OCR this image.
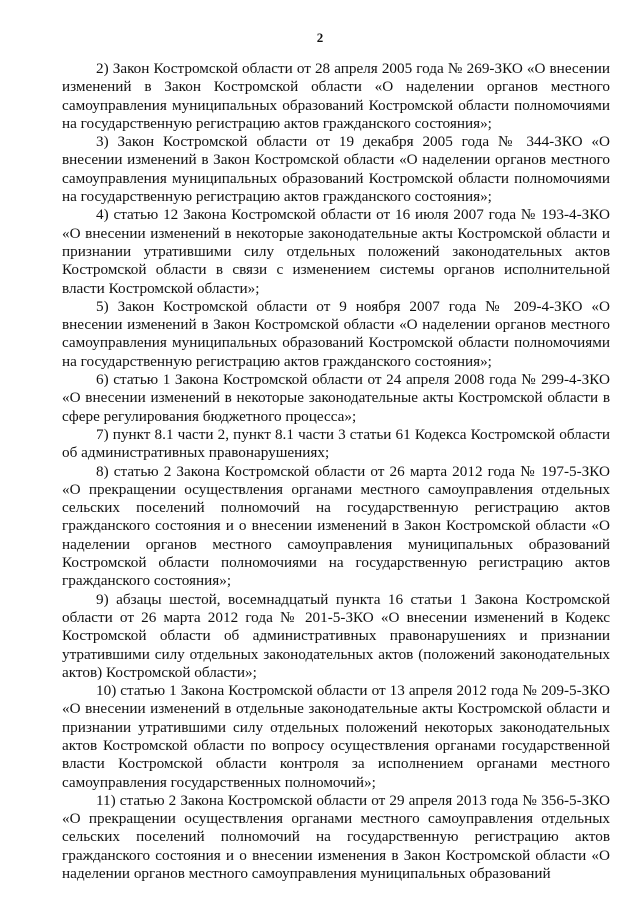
2

2) Закон Костромской области от 28 апреля 2005 года № 269-ЗКО «О внесении изменений в Закон Костромской области «О наделении органов местного самоуправления муниципальных образований Костромской области полномочиями на государственную регистрацию актов гражданского состояния»;

3) Закон Костромской области от 19 декабря 2005 года № 344-ЗКО «О внесении изменений в Закон Костромской области «О наделении органов местного самоуправления муниципальных образований Костромской области полномочиями на государственную регистрацию актов гражданского состояния»;

4) статью 12 Закона Костромской области от 16 июля 2007 года № 193-4-ЗКО «О внесении изменений в некоторые законодательные акты Костромской области и признании утратившими силу отдельных положений законодательных актов Костромской области в связи с изменением системы органов исполнительной власти Костромской области»;

5) Закон Костромской области от 9 ноября 2007 года № 209-4-ЗКО «О внесении изменений в Закон Костромской области «О наделении органов местного самоуправления муниципальных образований Костромской области полномочиями на государственную регистрацию актов гражданского состояния»;

6) статью 1 Закона Костромской области от 24 апреля 2008 года № 299-4-ЗКО «О внесении изменений в некоторые законодательные акты Костромской области в сфере регулирования бюджетного процесса»;

7) пункт 8.1 части 2, пункт 8.1 части 3 статьи 61 Кодекса Костромской области об административных правонарушениях;

8) статью 2 Закона Костромской области от 26 марта 2012 года № 197-5-ЗКО «О прекращении осуществления органами местного самоуправления отдельных сельских поселений полномочий на государственную регистрацию актов гражданского состояния и о внесении изменений в Закон Костромской области «О наделении органов местного самоуправления муниципальных образований Костромской области полномочиями на государственную регистрацию актов гражданского состояния»;

9) абзацы шестой, восемнадцатый пункта 16 статьи 1 Закона Костромской области от 26 марта 2012 года № 201-5-ЗКО «О внесении изменений в Кодекс Костромской области об административных правонарушениях и признании утратившими силу отдельных законодательных актов (положений законодательных актов) Костромской области»;

10) статью 1 Закона Костромской области от 13 апреля 2012 года № 209-5-ЗКО «О внесении изменений в отдельные законодательные акты Костромской области и признании утратившими силу отдельных положений некоторых законодательных актов Костромской области по вопросу осуществления органами государственной власти Костромской области контроля за исполнением органами местного самоуправления государственных полномочий»;

11) статью 2 Закона Костромской области от 29 апреля 2013 года № 356-5-ЗКО «О прекращении осуществления органами местного самоуправления отдельных сельских поселений полномочий на государственную регистрацию актов гражданского состояния и о внесении изменения в Закон Костромской области «О наделении органов местного самоуправления муниципальных образований
